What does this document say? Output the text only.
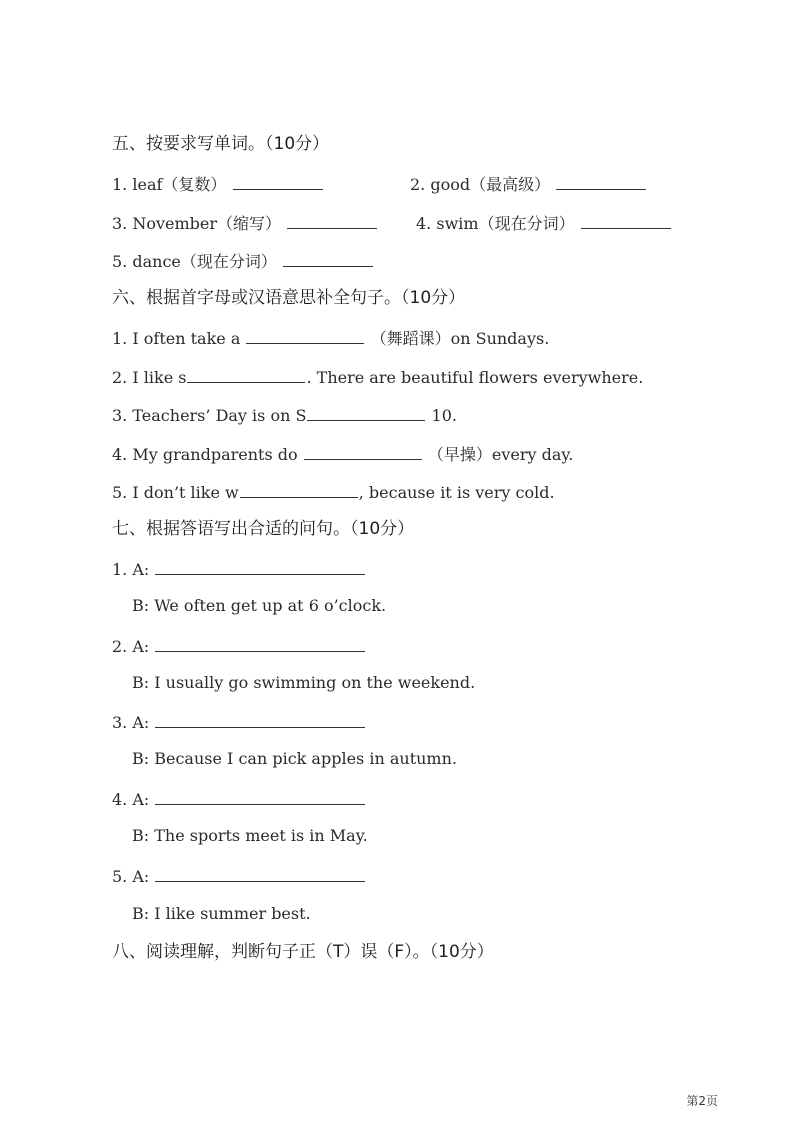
五、按要求写单词。（10分）
1. leaf（复数）	2. good（最高级）
3. November（缩写）	4. swim（现在分词）
5. dance（现在分词）
六、根据首字母或汉语意思补全句子。（10分）
1. I often take a	（舞蹈课）on Sundays.
2. I like s	. There are beautiful flowers everywhere.
3. Teachers’ Day is on S	10.
4. My grandparents do	（早操）every day.
5. I don’t like w	, because it is very cold.
七、根据答语写出合适的问句。（10分）
1. A:
B: We often get up at 6 o’clock.
2. A:
B: I usually go swimming on the weekend.
3. A:
B: Because I can pick apples in autumn.
4. A:
B: The sports meet is in May.
5. A:
B: I like summer best.
八、阅读理解，判断句子正（T）误（F）。（10分）
第2页
